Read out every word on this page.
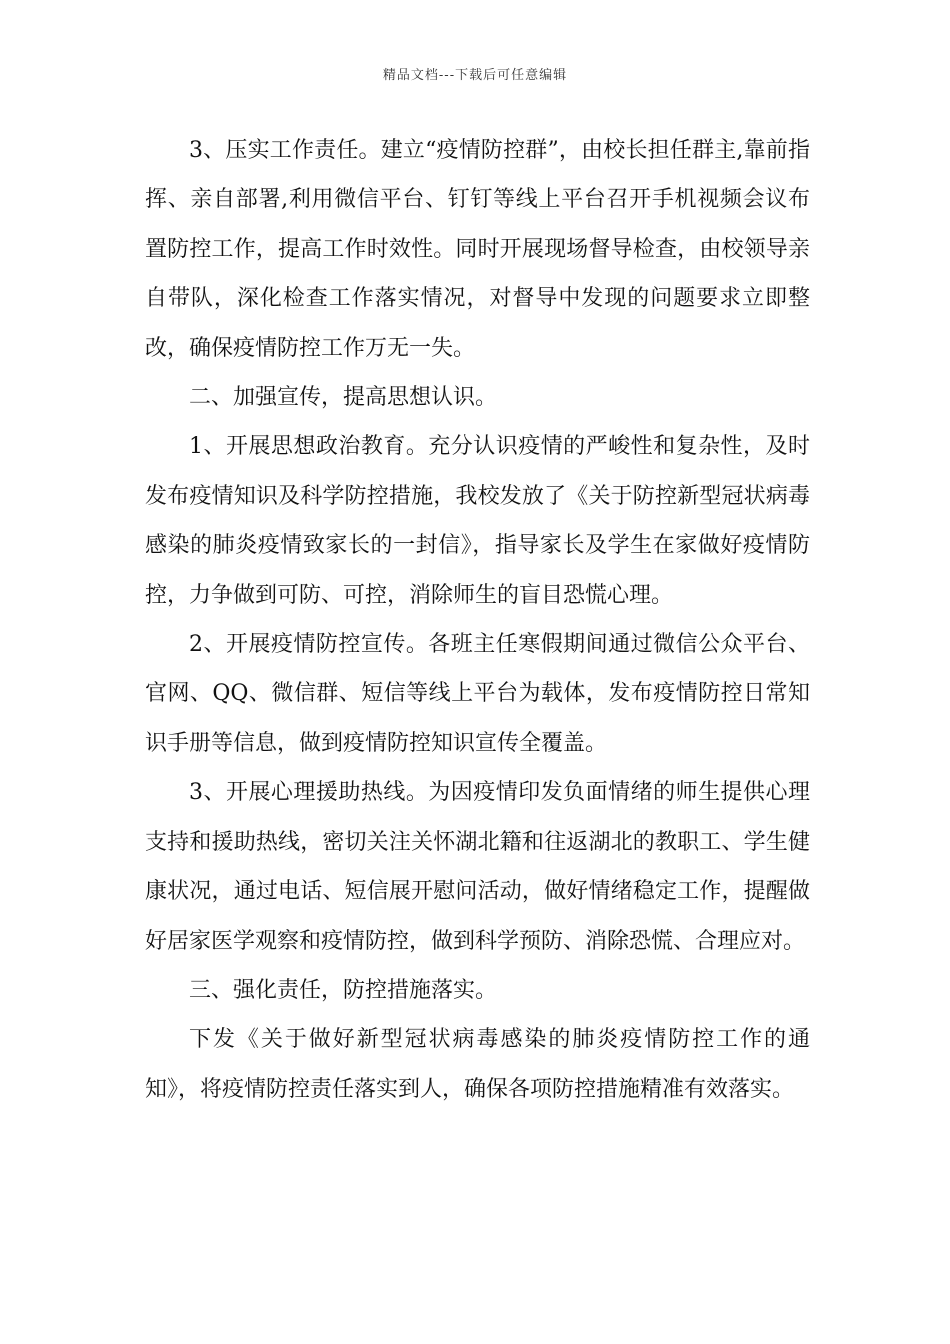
精品文档---下载后可任意编辑

3、压实工作责任。建立“疫情防控群”，由校长担任群主,靠前指挥、亲自部署,利用微信平台、钉钉等线上平台召开手机视频会议布置防控工作，提高工作时效性。同时开展现场督导检查，由校领导亲自带队，深化检查工作落实情况，对督导中发现的问题要求立即整改，确保疫情防控工作万无一失。

二、加强宣传，提高思想认识。

1、开展思想政治教育。充分认识疫情的严峻性和复杂性，及时发布疫情知识及科学防控措施，我校发放了《关于防控新型冠状病毒感染的肺炎疫情致家长的一封信》，指导家长及学生在家做好疫情防控，力争做到可防、可控，消除师生的盲目恐慌心理。

2、开展疫情防控宣传。各班主任寒假期间通过微信公众平台、官网、QQ、微信群、短信等线上平台为载体，发布疫情防控日常知识手册等信息，做到疫情防控知识宣传全覆盖。

3、开展心理援助热线。为因疫情印发负面情绪的师生提供心理支持和援助热线，密切关注关怀湖北籍和往返湖北的教职工、学生健康状况，通过电话、短信展开慰问活动，做好情绪稳定工作，提醒做好居家医学观察和疫情防控，做到科学预防、消除恐慌、合理应对。

三、强化责任，防控措施落实。

下发《关于做好新型冠状病毒感染的肺炎疫情防控工作的通知》，将疫情防控责任落实到人，确保各项防控措施精准有效落实。
